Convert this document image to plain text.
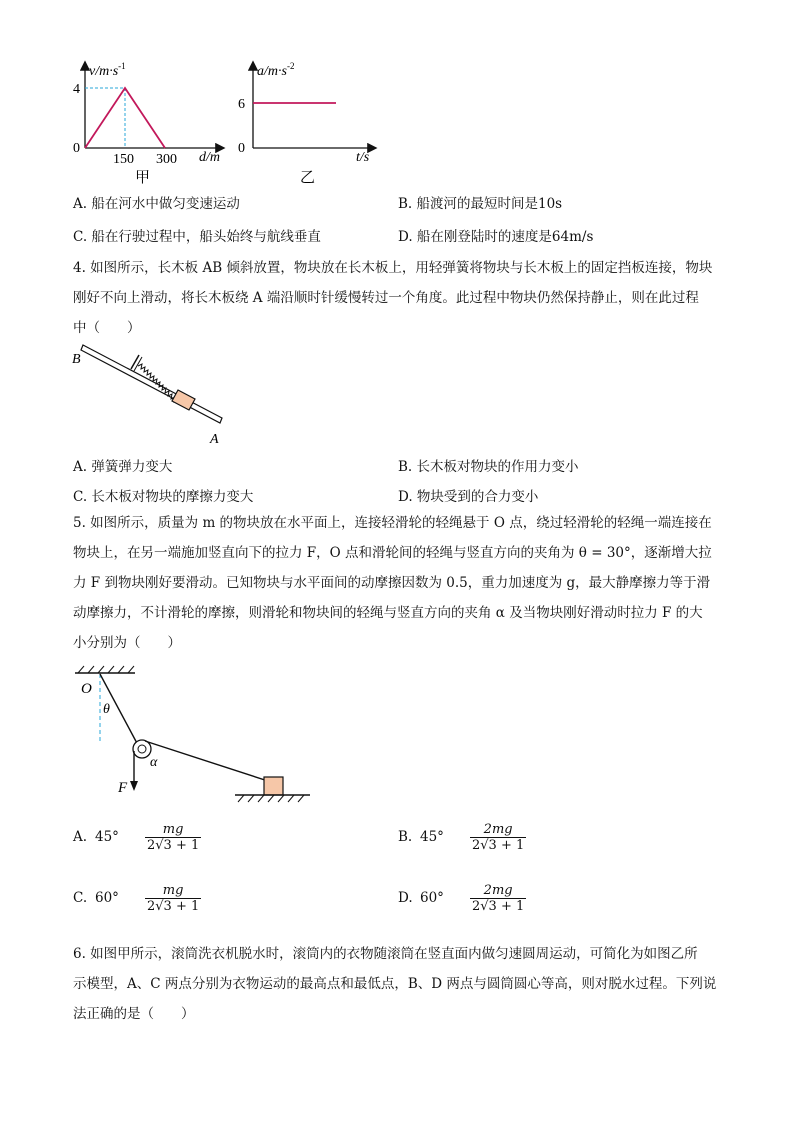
$v/m\cdot s^{-1}$
4
0
150 300 d/m
甲
$a/m\cdot s^{-2}$
6
0
t/s
乙
A. 船在河水中做匀变速运动	B. 船渡河的最短时间是10s
C. 船在行驶过程中，船头始终与航线垂直	D. 船在刚登陆时的速度是64m/s
4. 如图所示，长木板 AB 倾斜放置，物块放在长木板上，用轻弹簧将物块与长木板上的固定挡板连接，物块
刚好不向上滑动，将长木板绕 A 端沿顺时针缓慢转过一个角度。此过程中物块仍然保持静止，则在此过程
中（　　）
B
A
A. 弹簧弹力变大	B. 长木板对物块的作用力变小
C. 长木板对物块的摩擦力变大	D. 物块受到的合力变小
5. 如图所示，质量为 m 的物块放在水平面上，连接轻滑轮的轻绳悬于 O 点，绕过轻滑轮的轻绳一端连接在
物块上，在另一端施加竖直向下的拉力 F，O 点和滑轮间的轻绳与竖直方向的夹角为 θ = 30°，逐渐增大拉
力 F 到物块刚好要滑动。已知物块与水平面间的动摩擦因数为 0.5，重力加速度为 g，最大静摩擦力等于滑
动摩擦力，不计滑轮的摩擦，则滑轮和物块间的轻绳与竖直方向的夹角 α 及当物块刚好滑动时拉力 F 的大
小分别为（　　）
O
θ
α
F
A. $45^\circ \frac{mg}{2√3 + 1}$	B. $45^\circ \frac{2mg}{2√3 + 1}$
C. $60^\circ \frac{mg}{2√3 + 1}$	D. $60^\circ \frac{2mg}{2√3 + 1}$
6. 如图甲所示，滚筒洗衣机脱水时，滚筒内的衣物随滚筒在竖直面内做匀速圆周运动，可简化为如图乙所
示模型，A、C 两点分别为衣物运动的最高点和最低点，B、D 两点与圆筒圆心等高，则对脱水过程。下列说
法正确的是（　　）
